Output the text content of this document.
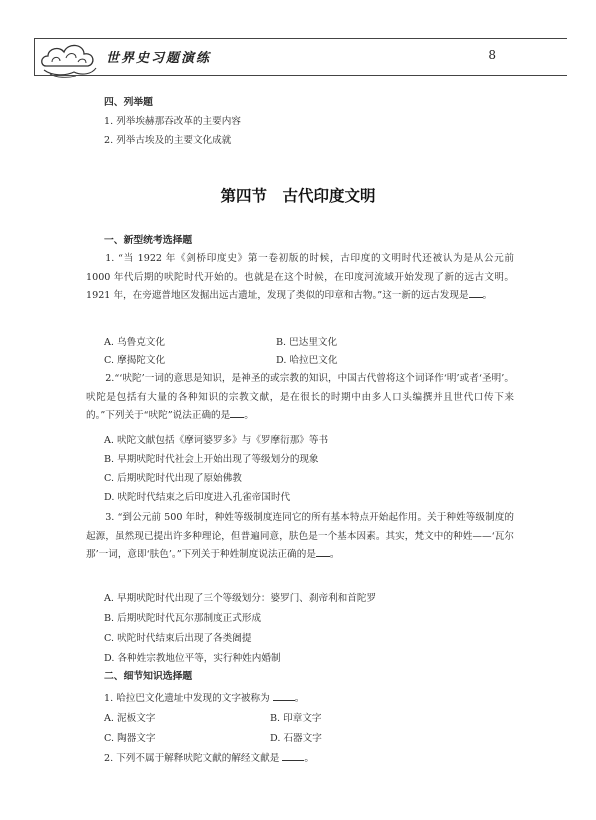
世界史习题演练	8
四、列举题
1. 列举埃赫那吞改革的主要内容
2. 列举古埃及的主要文化成就
第四节　古代印度文明
一、新型统考选择题
1. “当 1922 年《剑桥印度史》第一卷初版的时候，古印度的文明时代还被认为是从公元前 1000 年代后期的吠陀时代开始的。也就是在这个时候，在印度河流域开始发现了新的远古文明。1921 年，在旁遮普地区发掘出远古遗址，发现了类似的印章和古物。”这一新的远古发现是 。
A. 乌鲁克文化	B. 巴达里文化
C. 摩揭陀文化	D. 哈拉巴文化
2.“‘吠陀’一词的意思是知识，是神圣的或宗教的知识，中国古代曾将这个词译作‘明’或者‘圣明’。吠陀是包括有大量的各种知识的宗教文献，是在很长的时期中由多人口头编撰并且世代口传下来的。”下列关于“吠陀”说法正确的是 。
A. 吠陀文献包括《摩诃婆罗多》与《罗摩衍那》等书
B. 早期吠陀时代社会上开始出现了等级划分的现象
C. 后期吠陀时代出现了原始佛教
D. 吠陀时代结束之后印度进入孔雀帝国时代
3. “到公元前 500 年时，种姓等级制度连同它的所有基本特点开始起作用。关于种姓等级制度的起源，虽然现已提出许多种理论，但普遍同意，肤色是一个基本因素。其实，梵文中的种姓——‘瓦尔那’一词，意即‘肤色’。”下列关于种姓制度说法正确的是 。
A. 早期吠陀时代出现了三个等级划分：婆罗门、刹帝利和首陀罗
B. 后期吠陀时代瓦尔那制度正式形成
C. 吠陀时代结束后出现了各类阇提
D. 各种姓宗教地位平等，实行种姓内婚制
二、细节知识选择题
1. 哈拉巴文化遗址中发现的文字被称为	。
A. 泥板文字	B. 印章文字
C. 陶器文字	D. 石器文字
2. 下列不属于解释吠陀文献的解经文献是	。
